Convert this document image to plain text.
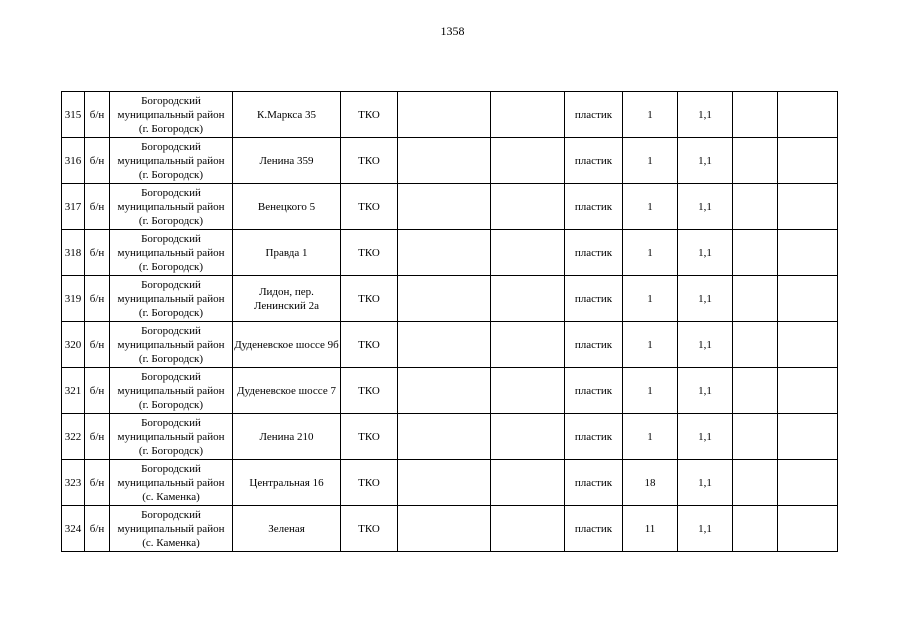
1358
315	б/н	Богородский
муниципальный район
(г. Богородск)	К.Маркса 35	ТКО			пластик	1	1,1		
316	б/н	Богородский
муниципальный район
(г. Богородск)	Ленина 359	ТКО			пластик	1	1,1		
317	б/н	Богородский
муниципальный район
(г. Богородск)	Венецкого 5	ТКО			пластик	1	1,1		
318	б/н	Богородский
муниципальный район
(г. Богородск)	Правда 1	ТКО			пластик	1	1,1		
319	б/н	Богородский
муниципальный район
(г. Богородск)	Лидон, пер. Ленинский 2а	ТКО			пластик	1	1,1		
320	б/н	Богородский
муниципальный район
(г. Богородск)	Дуденевское шоссе 9б	ТКО			пластик	1	1,1		
321	б/н	Богородский
муниципальный район
(г. Богородск)	Дуденевское шоссе 7	ТКО			пластик	1	1,1		
322	б/н	Богородский
муниципальный район
(г. Богородск)	Ленина 210	ТКО			пластик	1	1,1		
323	б/н	Богородский
муниципальный район
(с. Каменка)	Центральная 16	ТКО			пластик	18	1,1		
324	б/н	Богородский
муниципальный район
(с. Каменка)	Зеленая	ТКО			пластик	11	1,1		
